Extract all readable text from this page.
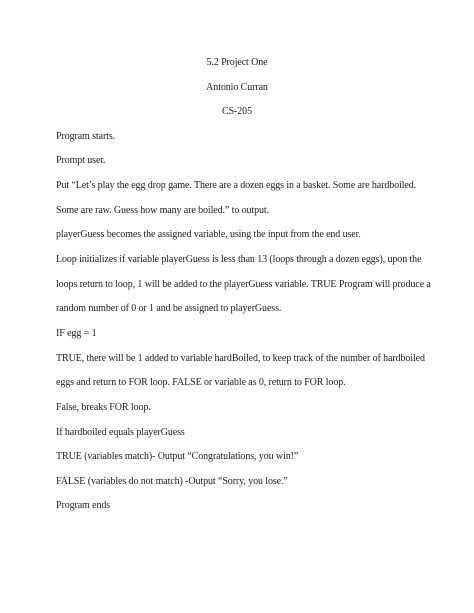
5.2 Project One
Antonio Curran
CS-205
Program starts.
Prompt user.
Put “Let’s play the egg drop game. There are a dozen eggs in a basket. Some are hardboiled.
Some are raw. Guess how many are boiled.” to output.
playerGuess becomes the assigned variable, using the input from the end user.
Loop initializes if variable playerGuess is less than 13 (loops through a dozen eggs), upon the
loops return to loop, 1 will be added to the playerGuess variable. TRUE Program will produce a
random number of 0 or 1 and be assigned to playerGuess.
IF egg = 1
TRUE, there will be 1 added to variable hardBoiled, to keep track of the number of hardboiled
eggs and return to FOR loop. FALSE or variable as 0, return to FOR loop.
False, breaks FOR loop.
If hardboiled equals playerGuess
TRUE (variables match)- Output “Congratulations, you win!”
FALSE (variables do not match) -Output “Sorry, you lose.”
Program ends
